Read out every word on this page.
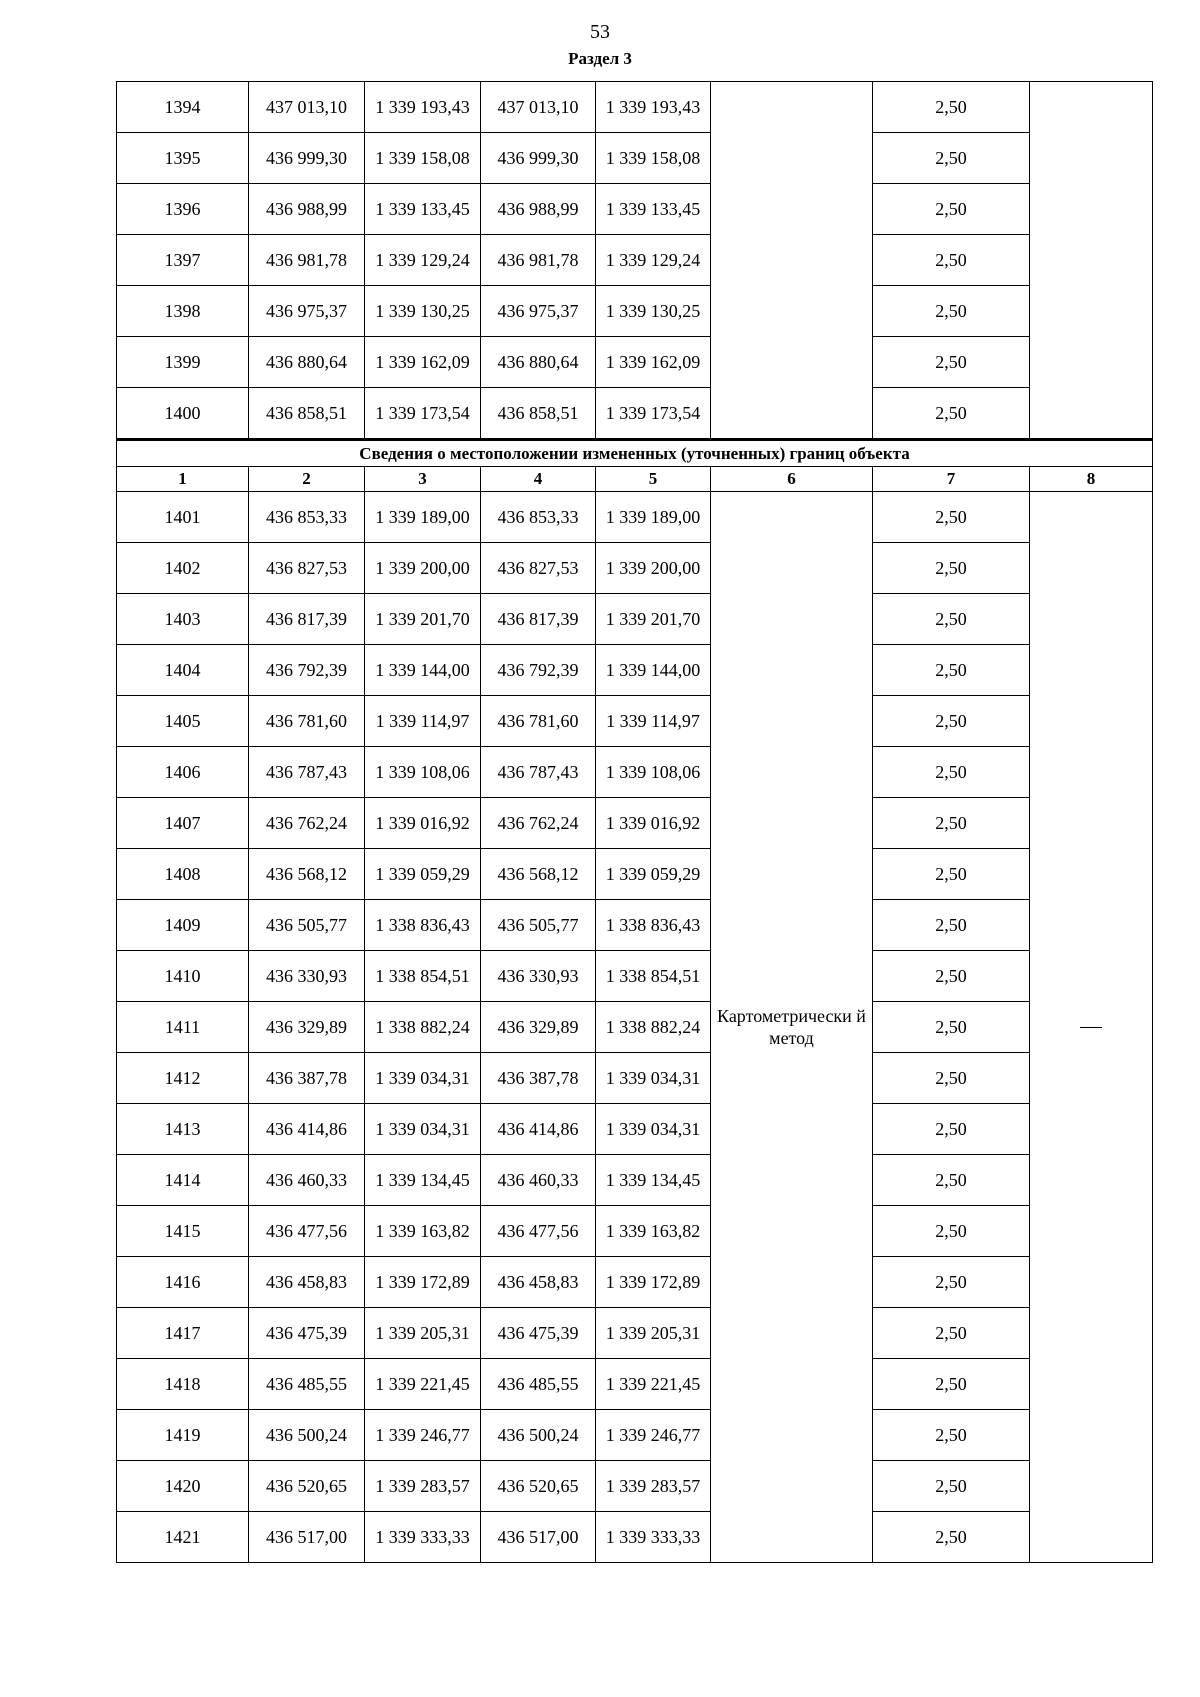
53
Раздел 3
1394	437 013,10	1 339 193,43	437 013,10	1 339 193,43		2,50	
1395	436 999,30	1 339 158,08	436 999,30	1 339 158,08		2,50	
1396	436 988,99	1 339 133,45	436 988,99	1 339 133,45		2,50	
1397	436 981,78	1 339 129,24	436 981,78	1 339 129,24		2,50	
1398	436 975,37	1 339 130,25	436 975,37	1 339 130,25		2,50	
1399	436 880,64	1 339 162,09	436 880,64	1 339 162,09		2,50	
1400	436 858,51	1 339 173,54	436 858,51	1 339 173,54		2,50	
Сведения о местоположении измененных (уточненных) границ объекта							
1	2	3	4	5	6	7	8
1401	436 853,33	1 339 189,00	436 853,33	1 339 189,00	Картометрически й метод	2,50	
1402	436 827,53	1 339 200,00	436 827,53	1 339 200,00		2,50	
1403	436 817,39	1 339 201,70	436 817,39	1 339 201,70		2,50	
1404	436 792,39	1 339 144,00	436 792,39	1 339 144,00		2,50	
1405	436 781,60	1 339 114,97	436 781,60	1 339 114,97		2,50	
1406	436 787,43	1 339 108,06	436 787,43	1 339 108,06		2,50	
1407	436 762,24	1 339 016,92	436 762,24	1 339 016,92		2,50	
1408	436 568,12	1 339 059,29	436 568,12	1 339 059,29		2,50	
1409	436 505,77	1 338 836,43	436 505,77	1 338 836,43		2,50	
1410	436 330,93	1 338 854,51	436 330,93	1 338 854,51		2,50	
1411	436 329,89	1 338 882,24	436 329,89	1 338 882,24		2,50	
1412	436 387,78	1 339 034,31	436 387,78	1 339 034,31		2,50	
1413	436 414,86	1 339 034,31	436 414,86	1 339 034,31		2,50	
1414	436 460,33	1 339 134,45	436 460,33	1 339 134,45		2,50	
1415	436 477,56	1 339 163,82	436 477,56	1 339 163,82		2,50	
1416	436 458,83	1 339 172,89	436 458,83	1 339 172,89		2,50	
1417	436 475,39	1 339 205,31	436 475,39	1 339 205,31		2,50	
1418	436 485,55	1 339 221,45	436 485,55	1 339 221,45		2,50	
1419	436 500,24	1 339 246,77	436 500,24	1 339 246,77		2,50	
1420	436 520,65	1 339 283,57	436 520,65	1 339 283,57		2,50	
1421	436 517,00	1 339 333,33	436 517,00	1 339 333,33		2,50	
